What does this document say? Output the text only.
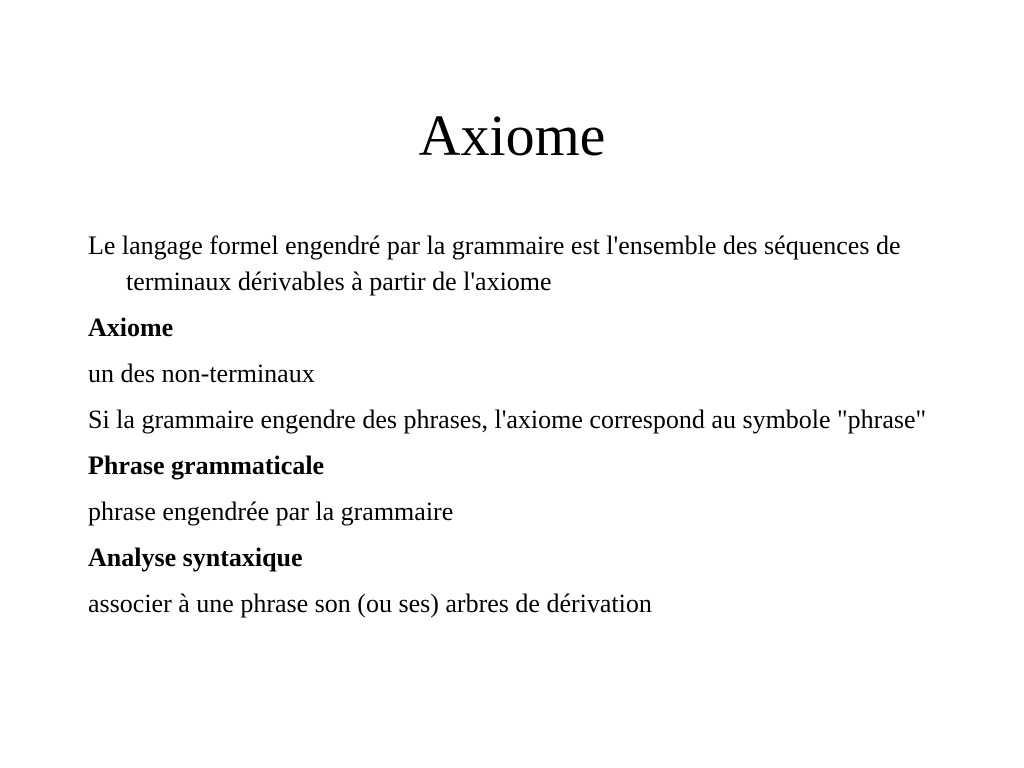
Axiome
Le langage formel engendré par la grammaire est l'ensemble des séquences de terminaux dérivables à partir de l'axiome
Axiome
un des non-terminaux
Si la grammaire engendre des phrases, l'axiome correspond au symbole "phrase"
Phrase grammaticale
phrase engendrée par la grammaire
Analyse syntaxique
associer à une phrase son (ou ses) arbres de dérivation
